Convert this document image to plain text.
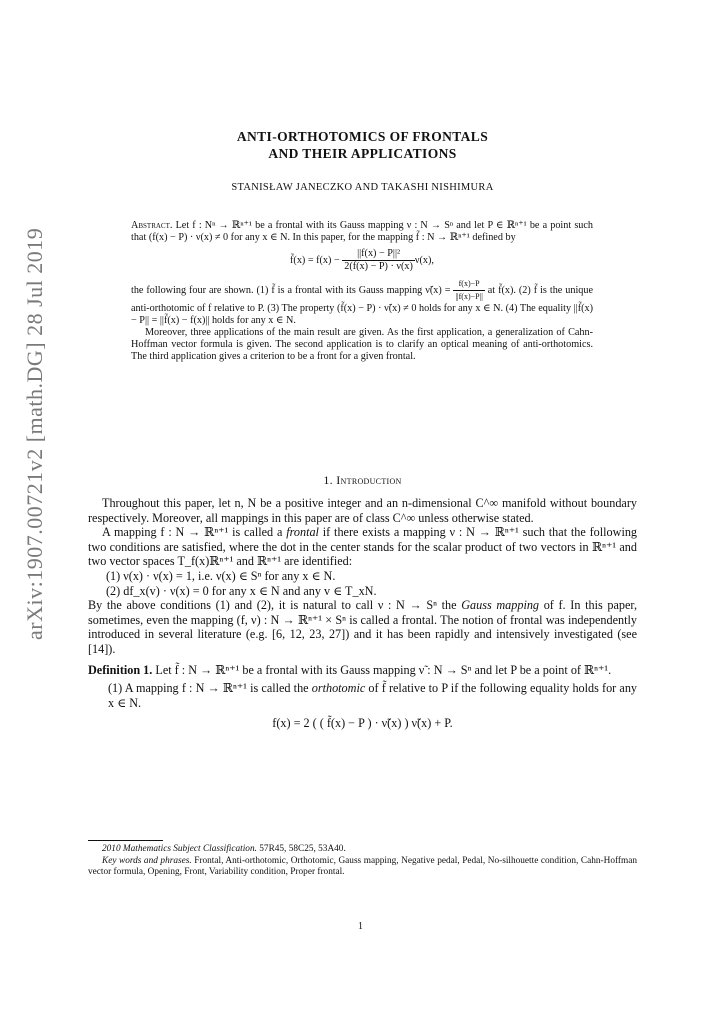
arXiv:1907.00721v2 [math.DG] 28 Jul 2019
ANTI-ORTHOTOMICS OF FRONTALS
AND THEIR APPLICATIONS
STANISŁAW JANECZKO AND TAKASHI NISHIMURA

Abstract. Let f : Nⁿ → ℝⁿ⁺¹ be a frontal with its Gauss mapping ν : N → Sⁿ and let P ∈ ℝⁿ⁺¹ be a point such that (f(x) − P) · ν(x) ≠ 0 for any x ∈ N. In this paper, for the mapping f̃ : N → ℝⁿ⁺¹ defined by

f̃(x) = $f(x) - \frac{\text{||f(x) − P||²}}{2(f(x) - P) \cdot \nu(x)} \nu(x)$,

the following four are shown. (1) f̃ is a frontal with its Gauss mapping ν̃(x) = $\frac{f(x)-P}{||f(x)-P||}$ at f̃(x). (2) f̃ is the unique anti-orthotomic of f relative to P. (3) The property (f̃(x) − P) · ν̃(x) ≠ 0 holds for any x ∈ N. (4) The equality ||f̃(x) − P|| = ||f̃(x) − f(x)|| holds for any x ∈ N.

Moreover, three applications of the main result are given. As the first application, a generalization of Cahn-Hoffman vector formula is given. The second application is to clarify an optical meaning of anti-orthotomics. The third application gives a criterion to be a front for a given frontal.

1. Introduction

Throughout this paper, let n, N be a positive integer and an n-dimensional C^∞ manifold without boundary respectively. Moreover, all mappings in this paper are of class C^∞ unless otherwise stated.

A mapping f : N → ℝⁿ⁺¹ is called a frontal if there exists a mapping ν : N → ℝⁿ⁺¹ such that the following two conditions are satisfied, where the dot in the center stands for the scalar product of two vectors in ℝⁿ⁺¹ and two vector spaces T_f(x)ℝⁿ⁺¹ and ℝⁿ⁺¹ are identified:

(1) ν(x) · ν(x) = 1, i.e. ν(x) ∈ Sⁿ for any x ∈ N.

(2) df_x(v) · ν(x) = 0 for any x ∈ N and any v ∈ T_xN.

By the above conditions (1) and (2), it is natural to call ν : N → Sⁿ the Gauss mapping of f. In this paper, sometimes, even the mapping (f, ν) : N → ℝⁿ⁺¹ × Sⁿ is called a frontal. The notion of frontal was independently introduced in several literature (e.g. [6, 12, 23, 27]) and it has been rapidly and intensively investigated (see [14]).

Definition 1. Let f̃ : N → ℝⁿ⁺¹ be a frontal with its Gauss mapping ν̃ : N → Sⁿ and let P be a point of ℝⁿ⁺¹.

(1) A mapping f : N → ℝⁿ⁺¹ is called the orthotomic of f̃ relative to P if the following equality holds for any x ∈ N.

f(x) = 2 ( ( f̃(x) − P ) · ν̃(x) ) ν̃(x) + P.

2010 Mathematics Subject Classification. 57R45, 58C25, 53A40.

Key words and phrases. Frontal, Anti-orthotomic, Orthotomic, Gauss mapping, Negative pedal, Pedal, No-silhouette condition, Cahn-Hoffman vector formula, Opening, Front, Variability condition, Proper frontal.

1
